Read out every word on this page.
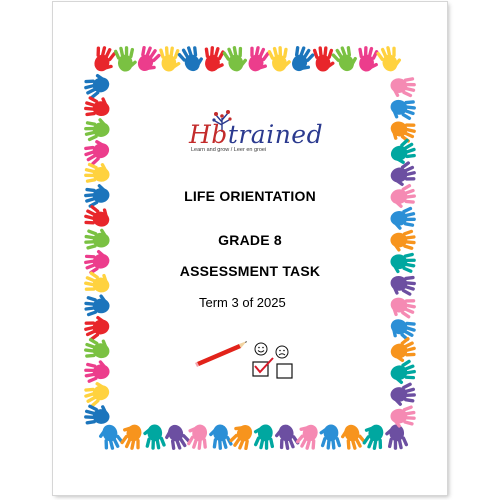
Hbtrained
Learn and grow / Leer en groei
LIFE ORIENTATION
GRADE 8
ASSESSMENT TASK
Term 3 of 2025
